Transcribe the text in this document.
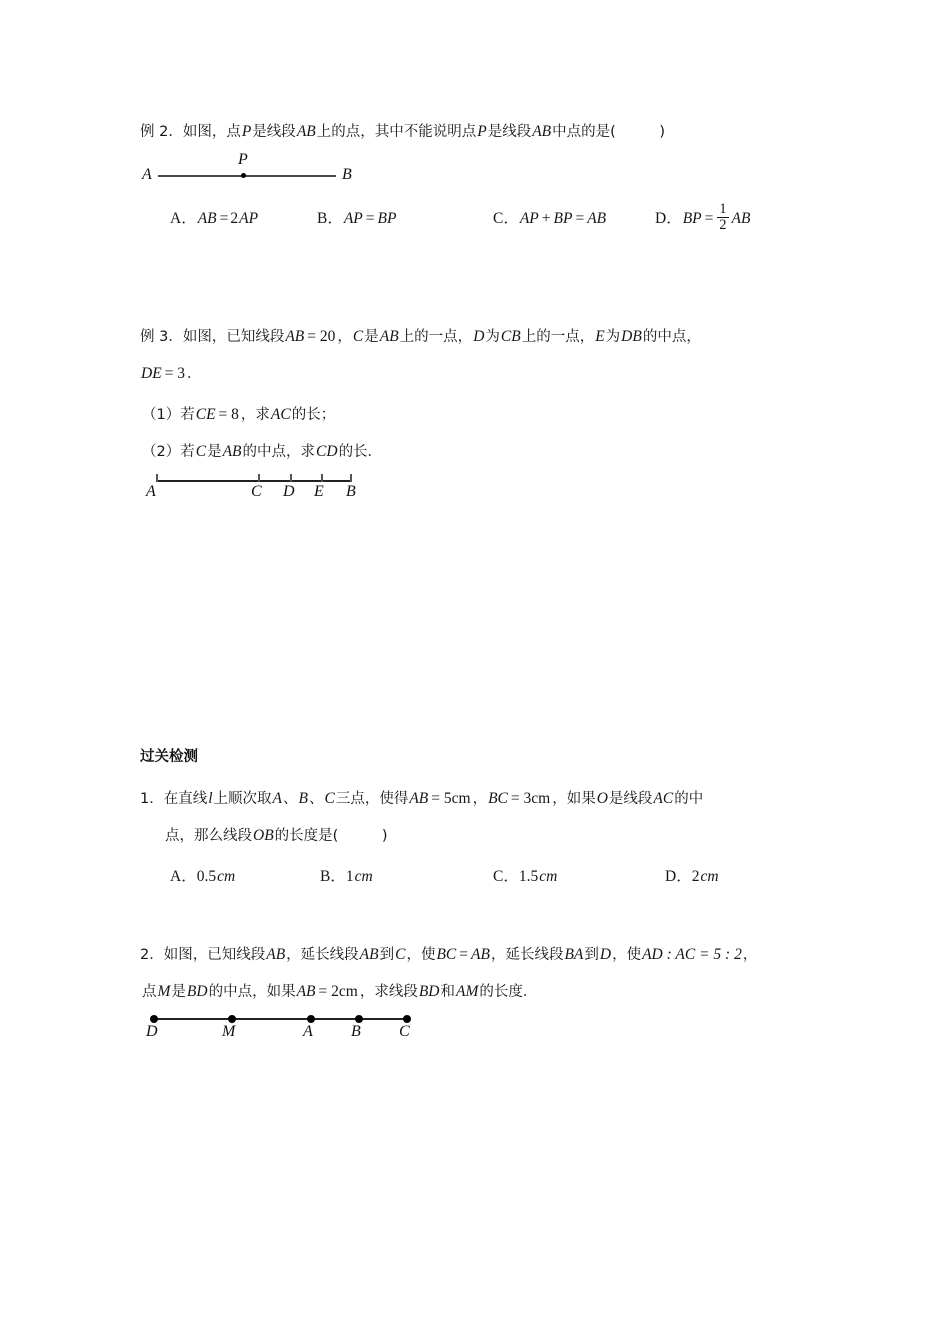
例 2．如图，点P是线段AB上的点，其中不能说明点P是线段AB中点的是(　　　)
A
P
B
A．AB = 2AP	B．AP = BP	C．AP + BP = AB	D．BP = $\frac{1}{2}$ AB
例 3．如图，已知线段AB = 20 ，C是AB上的一点，D为CB上的一点，E为DB的中点，
DE = 3 ．
（1）若CE = 8 ，求AC的长；
（2）若C是AB的中点，求CD的长．
A	C D E B
过关检测
1．在直线l上顺次取A、B、C三点，使得AB = 5cm ，BC = 3cm ，如果O是线段AC的中
点，那么线段OB的长度是(　　　)
A．0.5cm	B．1cm	C．1.5cm	D．2cm
2．如图，已知线段AB，延长线段AB到C，使BC = AB，延长线段BA到D，使AD : AC = 5 : 2，
点M是BD的中点，如果AB = 2cm ，求线段BD和AM的长度．
D	M	A B C
